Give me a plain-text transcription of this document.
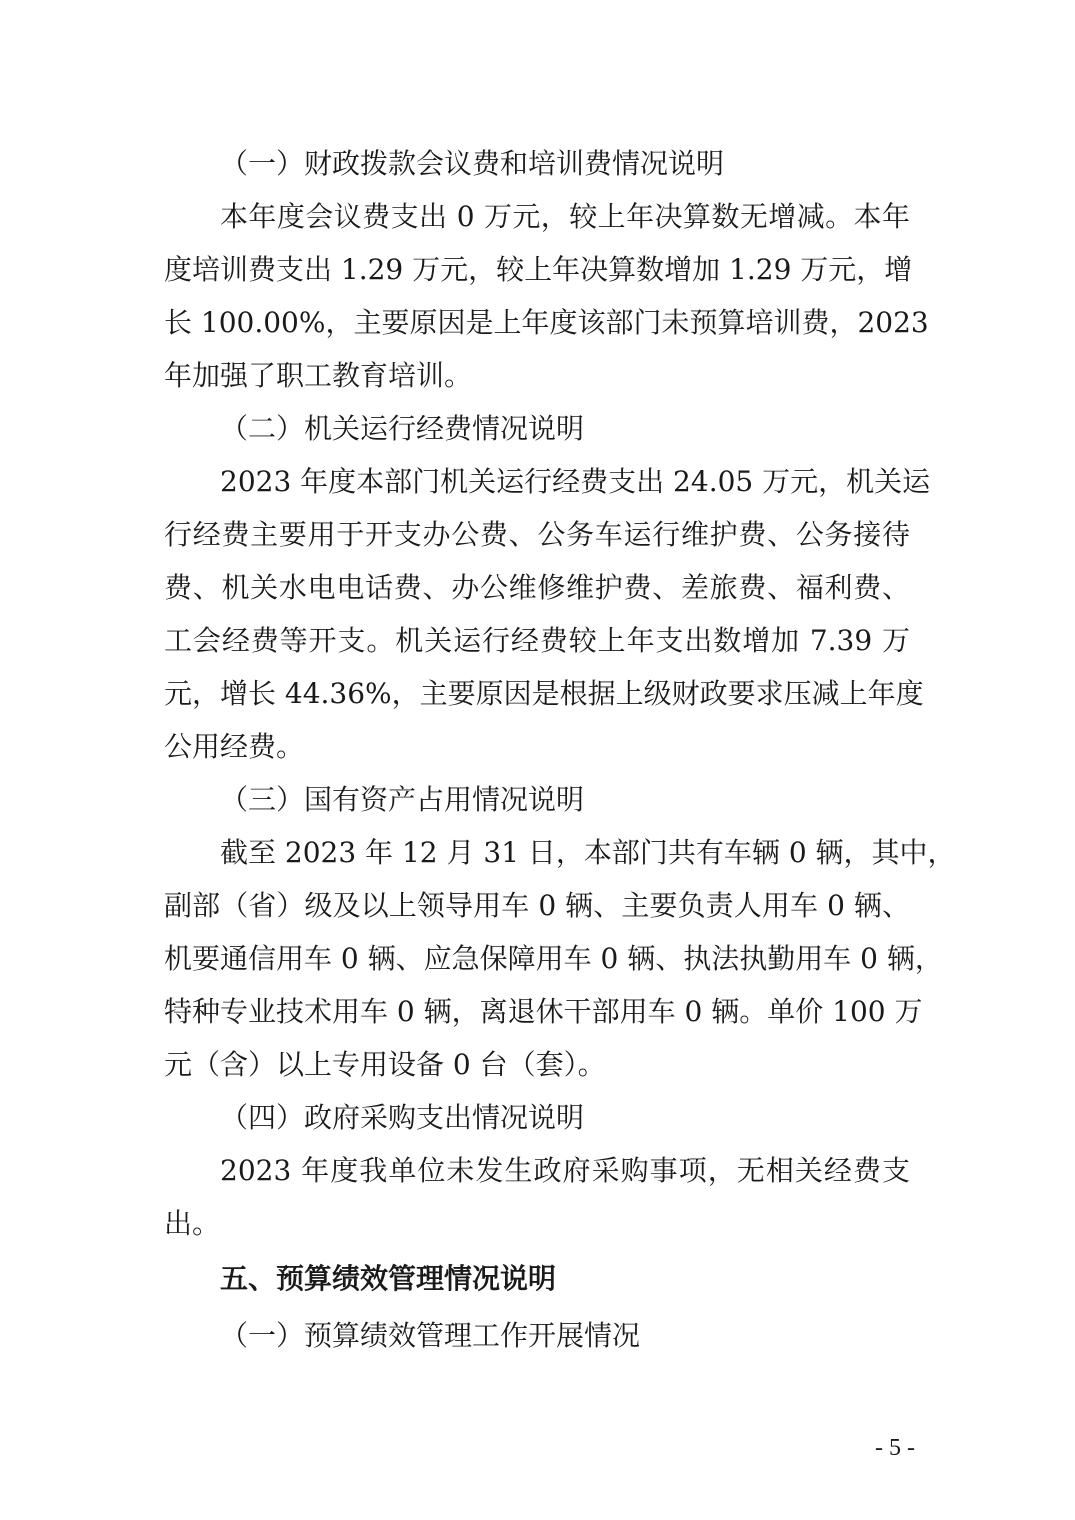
（一）财政拨款会议费和培训费情况说明
本年度会议费支出 0 万元，较上年决算数无增减。本年
度培训费支出 1.29 万元，较上年决算数增加 1.29 万元，增
长 100.00%，主要原因是上年度该部门未预算培训费，2023
年加强了职工教育培训。
（二）机关运行经费情况说明
2023 年度本部门机关运行经费支出 24.05 万元，机关运
行经费主要用于开支办公费、公务车运行维护费、公务接待
费、机关水电电话费、办公维修维护费、差旅费、福利费、
工会经费等开支。机关运行经费较上年支出数增加 7.39 万
元，增长 44.36%，主要原因是根据上级财政要求压减上年度
公用经费。
（三）国有资产占用情况说明
截至 2023 年 12 月 31 日，本部门共有车辆 0 辆，其中，
副部（省）级及以上领导用车 0 辆、主要负责人用车 0 辆、
机要通信用车 0 辆、应急保障用车 0 辆、执法执勤用车 0 辆，
特种专业技术用车 0 辆，离退休干部用车 0 辆。单价 100 万
元（含）以上专用设备 0 台（套）。
（四）政府采购支出情况说明
2023 年度我单位未发生政府采购事项，无相关经费支
出。
五、预算绩效管理情况说明
（一）预算绩效管理工作开展情况
- 5 -
